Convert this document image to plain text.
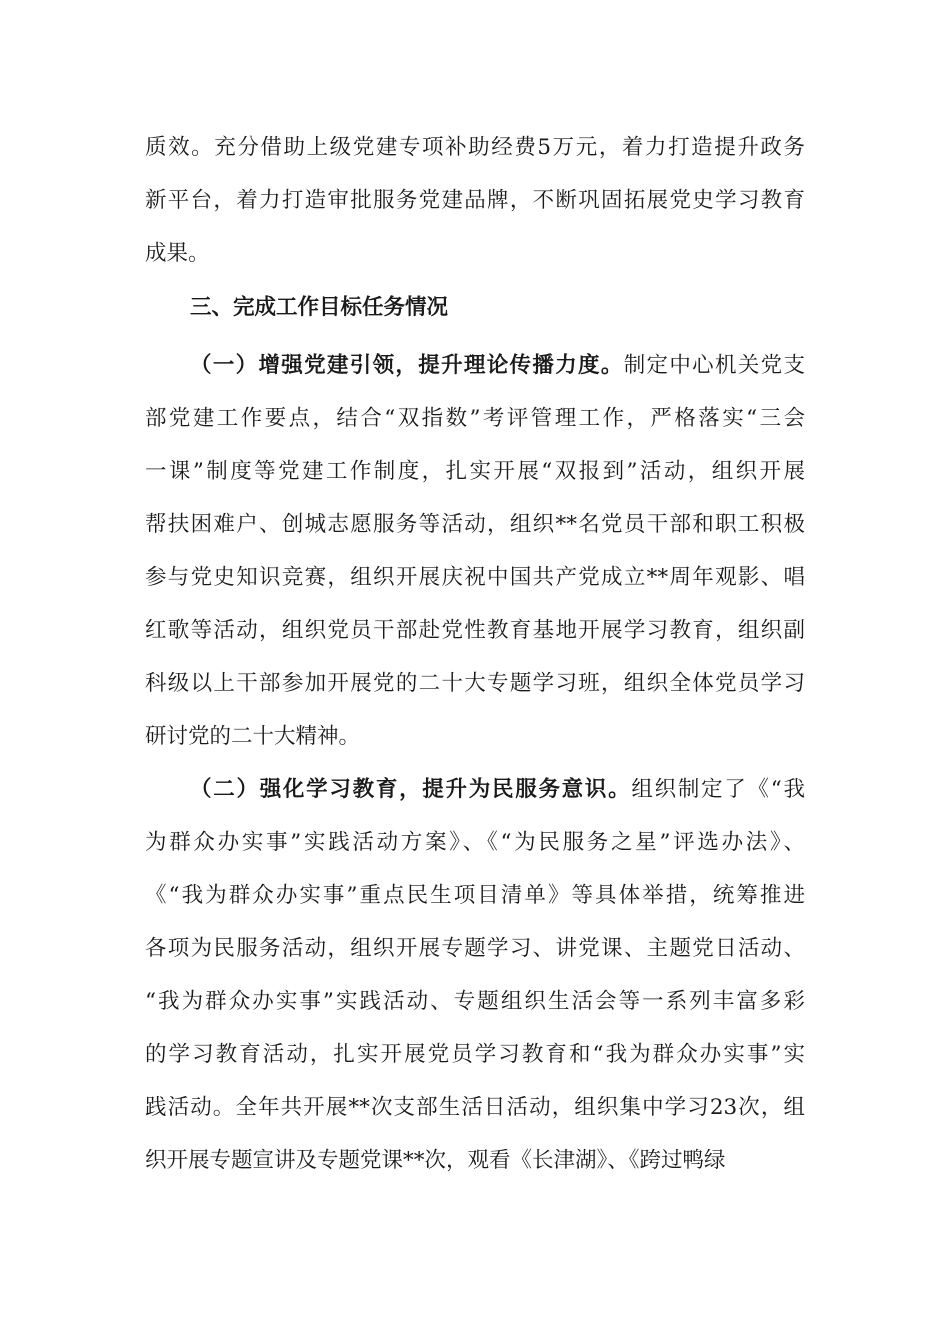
质效。充分借助上级党建专项补助经费5万元，着力打造提升政务
新平台，着力打造审批服务党建品牌，不断巩固拓展党史学习教育
成果。
三、完成工作目标任务情况
（一）增强党建引领，提升理论传播力度。制定中心机关党支
部党建工作要点，结合“双指数”考评管理工作，严格落实“三会
一课”制度等党建工作制度，扎实开展“双报到”活动，组织开展
帮扶困难户、创城志愿服务等活动，组织**名党员干部和职工积极
参与党史知识竞赛，组织开展庆祝中国共产党成立**周年观影、唱
红歌等活动，组织党员干部赴党性教育基地开展学习教育，组织副
科级以上干部参加开展党的二十大专题学习班，组织全体党员学习
研讨党的二十大精神。
（二）强化学习教育，提升为民服务意识。组织制定了《“我
为群众办实事”实践活动方案》、《“为民服务之星”评选办法》、
《“我为群众办实事”重点民生项目清单》等具体举措，统筹推进
各项为民服务活动，组织开展专题学习、讲党课、主题党日活动、
“我为群众办实事”实践活动、专题组织生活会等一系列丰富多彩
的学习教育活动，扎实开展党员学习教育和“我为群众办实事”实
践活动。全年共开展**次支部生活日活动，组织集中学习23次，组
织开展专题宣讲及专题党课**次，观看《长津湖》、《跨过鸭绿
